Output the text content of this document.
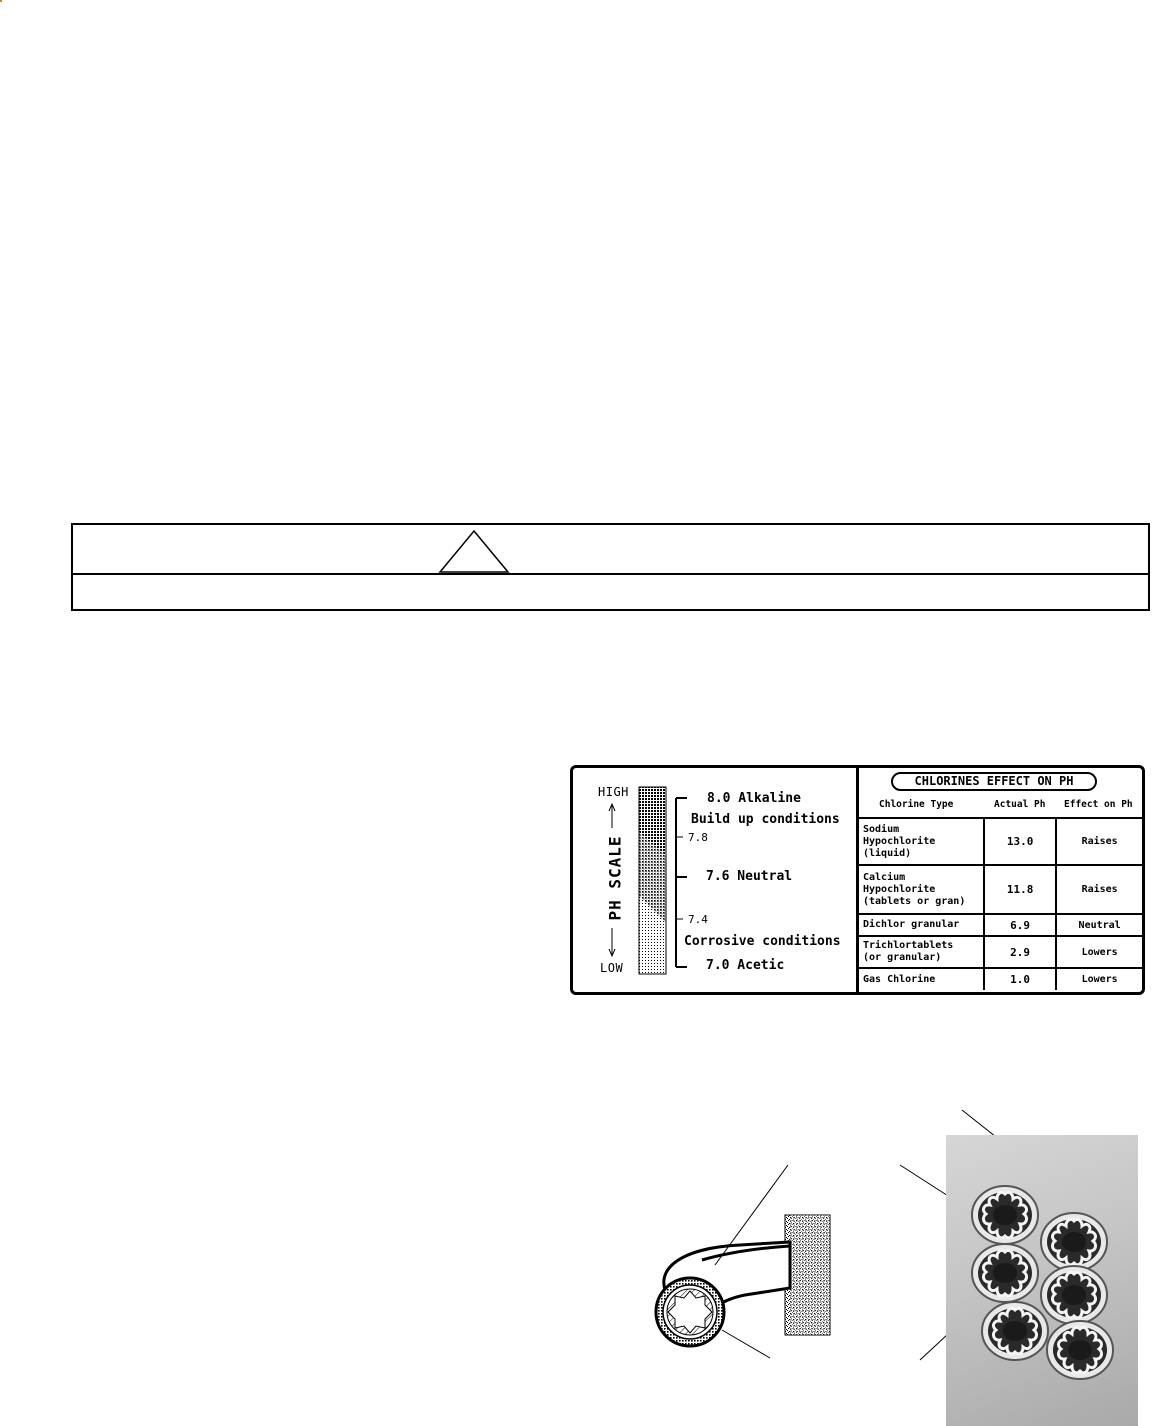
HIGH
LOW
PH SCALE
8.0 Alkaline
Build up conditions
7.8
7.6 Neutral
7.4
Corrosive conditions
7.0 Acetic
CHLORINES EFFECT ON PH
Chlorine Type	Actual Ph Effect on Ph
Sodium
Hypochlorite
(liquid)	13.0	Raises

Calcium
Hypochlorite
(tablets or gran)	11.8	Raises

Dichlor granular	6.9	Neutral

Trichlortablets
(or granular)	2.9	Lowers

Gas Chlorine	1.0	Lowers
